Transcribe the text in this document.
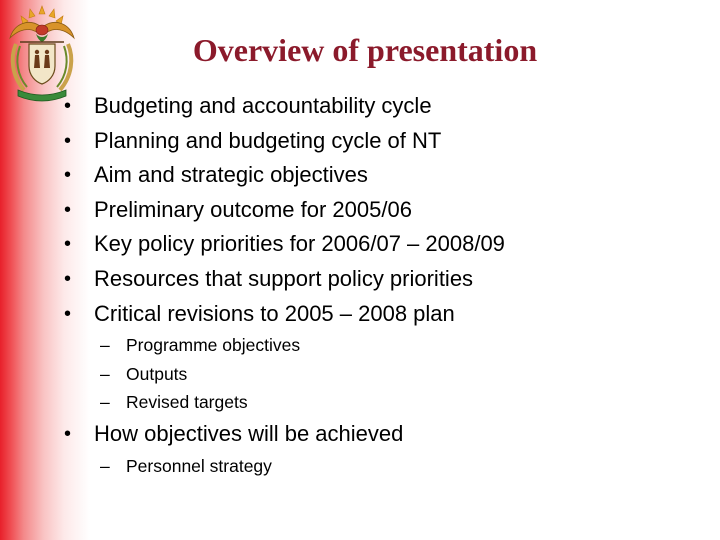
Overview of presentation
•	Budgeting and accountability cycle
•	Planning and budgeting cycle of NT
•	Aim and strategic objectives
•	Preliminary outcome for 2005/06
•	Key policy priorities for 2006/07 – 2008/09
•	Resources that support policy priorities
•	Critical revisions to 2005 – 2008 plan
– Programme objectives
– Outputs
– Revised targets
•	How objectives will be achieved
– Personnel strategy
